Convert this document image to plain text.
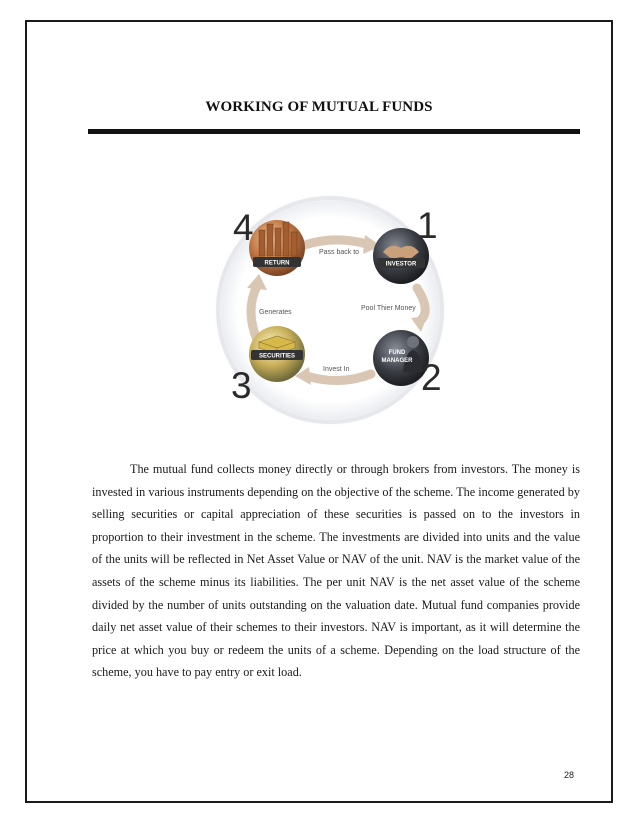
WORKING OF MUTUAL FUNDS
Pass back to
Pool Thier Money
Invest In
Generates
RETURN
4
INVESTOR
1
FUND
MANAGER 2
SECURITIES
3

The mutual fund collects money directly or through brokers from investors. The money is invested in various instruments depending on the objective of the scheme. The income generated by selling securities or capital appreciation of these securities is passed on to the investors in proportion to their investment in the scheme. The investments are divided into units and the value of the units will be reflected in Net Asset Value or NAV of the unit. NAV is the market value of the assets of the scheme minus its liabilities. The per unit NAV is the net asset value of the scheme divided by the number of units outstanding on the valuation date. Mutual fund companies provide daily net asset value of their schemes to their investors. NAV is important, as it will determine the price at which you buy or redeem the units of a scheme. Depending on the load structure of the scheme, you have to pay entry or exit load.

28
